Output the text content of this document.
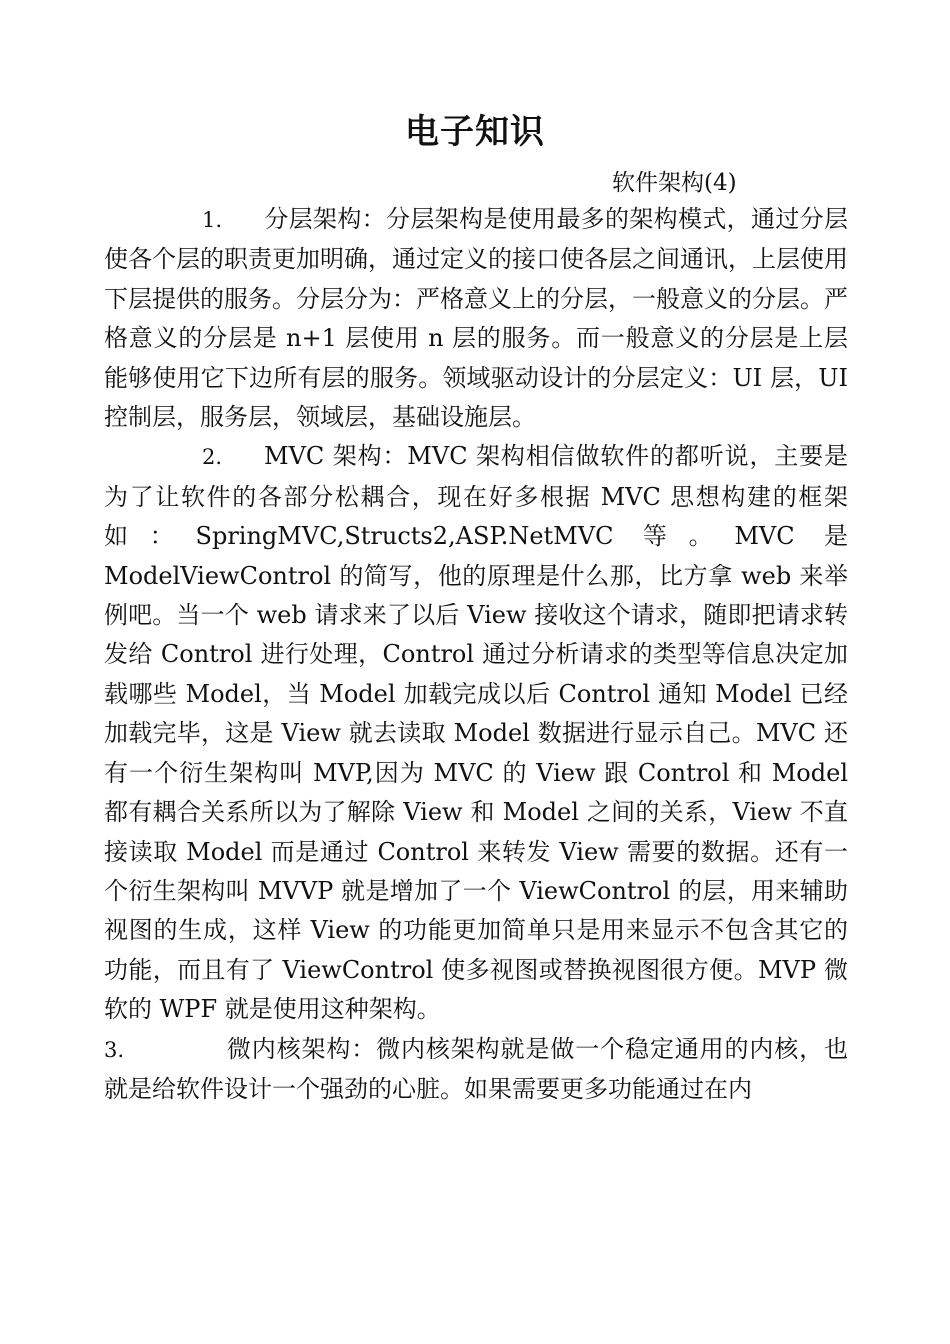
电子知识
软件架构(4)

1. 分层架构：分层架构是使用最多的架构模式，通过分层使各个层的职责更加明确，通过定义的接口使各层之间通讯，上层使用下层提供的服务。分层分为：严格意义上的分层，一般意义的分层。严格意义的分层是 n+1 层使用 n 层的服务。而一般意义的分层是上层能够使用它下边所有层的服务。领域驱动设计的分层定义：UI 层，UI 控制层，服务层，领域层，基础设施层。

2. MVC 架构：MVC 架构相信做软件的都听说，主要是为了让软件的各部分松耦合，现在好多根据 MVC 思想构建的框架如：SpringMVC,Structs2,ASP.NetMVC 等。MVC 是 ModelViewControl 的简写，他的原理是什么那，比方拿 web 来举例吧。当一个 web 请求来了以后 View 接收这个请求，随即把请求转发给 Control 进行处理，Control 通过分析请求的类型等信息决定加载哪些 Model，当 Model 加载完成以后 Control 通知 Model 已经加载完毕，这是 View 就去读取 Model 数据进行显示自己。MVC 还有一个衍生架构叫 MVP,因为 MVC 的 View 跟 Control 和 Model 都有耦合关系所以为了解除 View 和 Model 之间的关系，View 不直接读取 Model 而是通过 Control 来转发 View 需要的数据。还有一个衍生架构叫 MVVP 就是增加了一个 ViewControl 的层，用来辅助视图的生成，这样 View 的功能更加简单只是用来显示不包含其它的功能，而且有了 ViewControl 使多视图或替换视图很方便。MVP 微软的 WPF 就是使用这种架构。

3.	微内核架构：微内核架构就是做一个稳定通用的内核，也就是给软件设计一个强劲的心脏。如果需要更多功能通过在内
